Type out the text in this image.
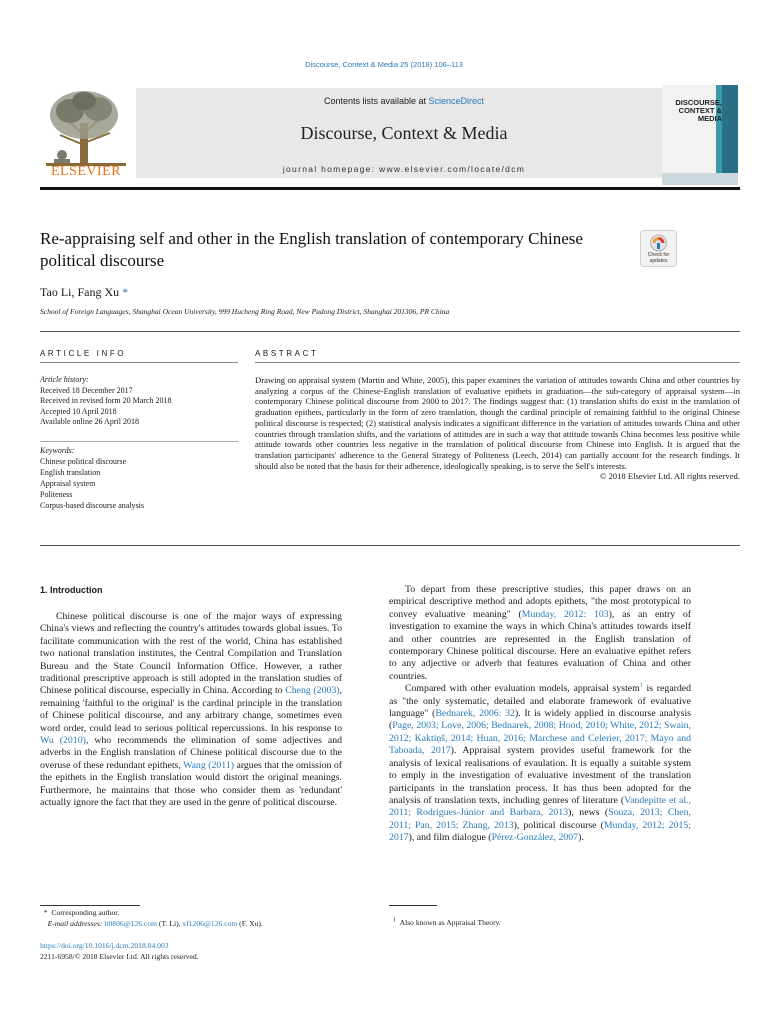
Discourse, Context & Media 25 (2018) 106–113
ELSEVIER
Contents lists available at ScienceDirect
Discourse, Context & Media
journal homepage: www.elsevier.com/locate/dcm
DISCOURSE, CONTEXT & MEDIA
Re-appraising self and other in the English translation of contemporary Chinese political discourse	Check for updates
Tao Li, Fang Xu *
School of Foreign Languages, Shanghai Ocean University, 999 Hucheng Ring Road, New Pudong District, Shanghai 201306, PR China
ARTICLE INFO	ABSTRACT
Article history:
Received 18 December 2017
Received in revised form 20 March 2018
Accepted 10 April 2018
Available online 26 April 2018
Keywords:
Chinese political discourse
English translation
Appraisal system
Politeness
Corpus-based discourse analysis
Drawing on appraisal system (Martin and White, 2005), this paper examines the variation of attitudes towards China and other countries by analyzing a corpus of the Chinese-English translation of evaluative epithets in graduation—the sub-category of appraisal system—in contemporary Chinese political discourse from 2000 to 2017. The findings suggest that: (1) translation shifts do exist in the translation of graduation epithets, particularly in the form of zero translation, though the cardinal principle of remaining faithful to the original Chinese political discourse is respected; (2) statistical analysis indicates a significant difference in the variation of attitudes towards China and other countries through translation shifts, and the variations of attitudes are in such a way that attitude towards China becomes less positive while attitude towards other countries less negative in the translation of political discourse from Chinese into English. It is argued that the translation participants' adherence to the General Strategy of Politeness (Leech, 2014) can partially account for the research findings. It should also be noted that the basis for their adherence, ideologically speaking, is to serve the Self's interests.
© 2018 Elsevier Ltd. All rights reserved.
1. Introduction

Chinese political discourse is one of the major ways of expressing China's views and reflecting the country's attitudes towards global issues. To facilitate communication with the rest of the world, China has established two national translation institutes, the Central Compilation and Translation Bureau and the State Council Information Office. However, a rather traditional prescriptive approach is still adopted in the translation studies of Chinese political discourse, especially in China. According to Cheng (2003), remaining 'faithful to the original' is the cardinal principle in the translation of Chinese political discourse, and any arbitrary change, sometimes even word order, could lead to serious political repercussions. In his response to Wu (2010), who recommends the elimination of some adjectives and adverbs in the English translation of Chinese political discourse due to the overuse of these redundant epithets, Wang (2011) argues that the omission of the epithets in the English translation would distort the original meanings. Furthermore, he maintains that those who consider them as 'redundant' actually ignore the fact that they are used in the genre of political discourse.

To depart from these prescriptive studies, this paper draws on an empirical descriptive method and adopts epithets, "the most prototypical to convey evaluative meaning" (Munday, 2012: 103), as an entry of investigation to examine the ways in which China's attitudes towards itself and other countries are represented in the English translation of contemporary Chinese political discourse. Here an evaluative epithet refers to any adjective or adverb that features evaluation of China and other countries.

Compared with other evaluation models, appraisal system$^1$ is regarded as "the only systematic, detailed and elaborate framework of evaluative language" (Bednarek, 2006: 32). It is widely applied in discourse analysis (Page, 2003; Love, 2006; Bednarek, 2008; Hood, 2010; White, 2012; Swain, 2012; Kaktiņš, 2014; Huan, 2016; Marchese and Celerier, 2017; Mayo and Taboada, 2017). Appraisal system provides useful framework for the analysis of lexical realisations of evaulation. It is equally a suitable system to emply in the investigation of evaluative investment of the translation participants in the translation process. It has thus been adopted for the analysis of translation texts, including genres of literature (Vandepitte et al., 2011; Rodrigues-Júnior and Barbara, 2013), news (Souza, 2013; Chen, 2011; Pan, 2015; Zhang, 2013), political discourse (Munday, 2012; 2015; 2017), and film dialogue (Pérez-González, 2007).

* Corresponding author.
E-mail addresses: lt0806@126.com (T. Li), xf1206@126.com (F. Xu).	$^1$ Also known as Appraisal Theory.
https://doi.org/10.1016/j.dcm.2018.04.003
2211-6958/© 2018 Elsevier Ltd. All rights reserved.
